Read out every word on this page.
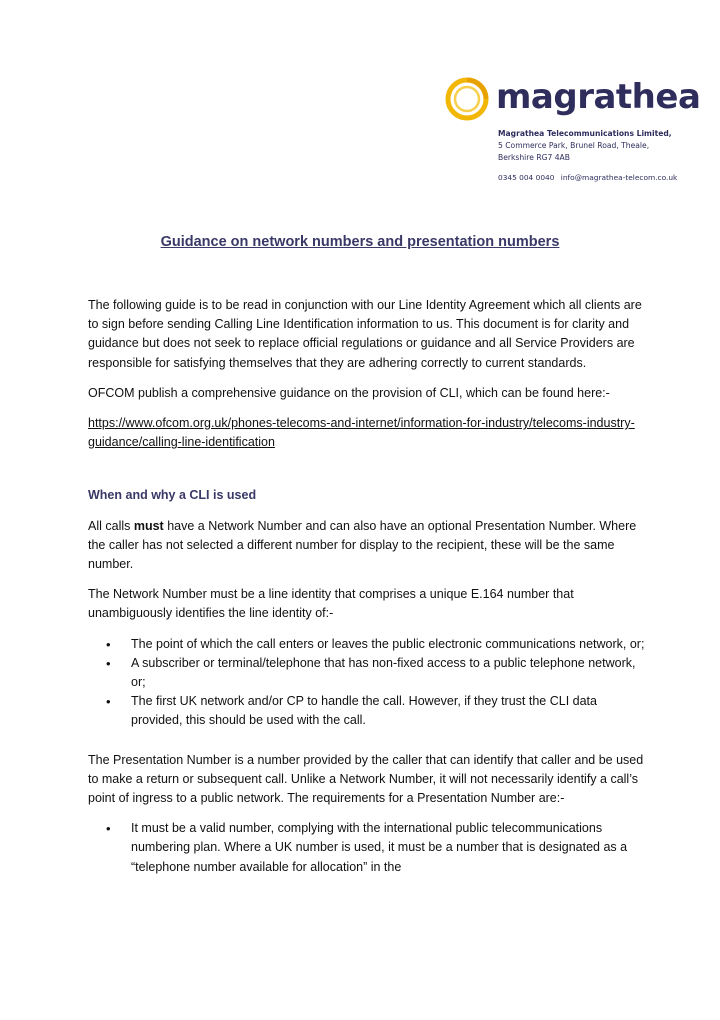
magrathea
Magrathea Telecommunications Limited,
5 Commerce Park, Brunel Road, Theale,
Berkshire RG7 4AB
0345 004 0040 info@magrathea-telecom.co.uk
Guidance on network numbers and presentation numbers

The following guide is to be read in conjunction with our Line Identity Agreement which all clients are to sign before sending Calling Line Identification information to us. This document is for clarity and guidance but does not seek to replace official regulations or guidance and all Service Providers are responsible for satisfying themselves that they are adhering correctly to current standards.

OFCOM publish a comprehensive guidance on the provision of CLI, which can be found here:-

https://www.ofcom.org.uk/phones-telecoms-and-internet/information-for-industry/telecoms-industry-guidance/calling-line-identification

When and why a CLI is used

All calls must have a Network Number and can also have an optional Presentation Number. Where the caller has not selected a different number for display to the recipient, these will be the same number.

The Network Number must be a line identity that comprises a unique E.164 number that unambiguously identifies the line identity of:-

• The point of which the call enters or leaves the public electronic communications network, or;
• A subscriber or terminal/telephone that has non-fixed access to a public telephone network, or;
• The first UK network and/or CP to handle the call. However, if they trust the CLI data provided, this should be used with the call.

The Presentation Number is a number provided by the caller that can identify that caller and be used to make a return or subsequent call. Unlike a Network Number, it will not necessarily identify a call’s point of ingress to a public network. The requirements for a Presentation Number are:-

• It must be a valid number, complying with the international public telecommunications numbering plan. Where a UK number is used, it must be a number that is designated as a “telephone number available for allocation” in the
